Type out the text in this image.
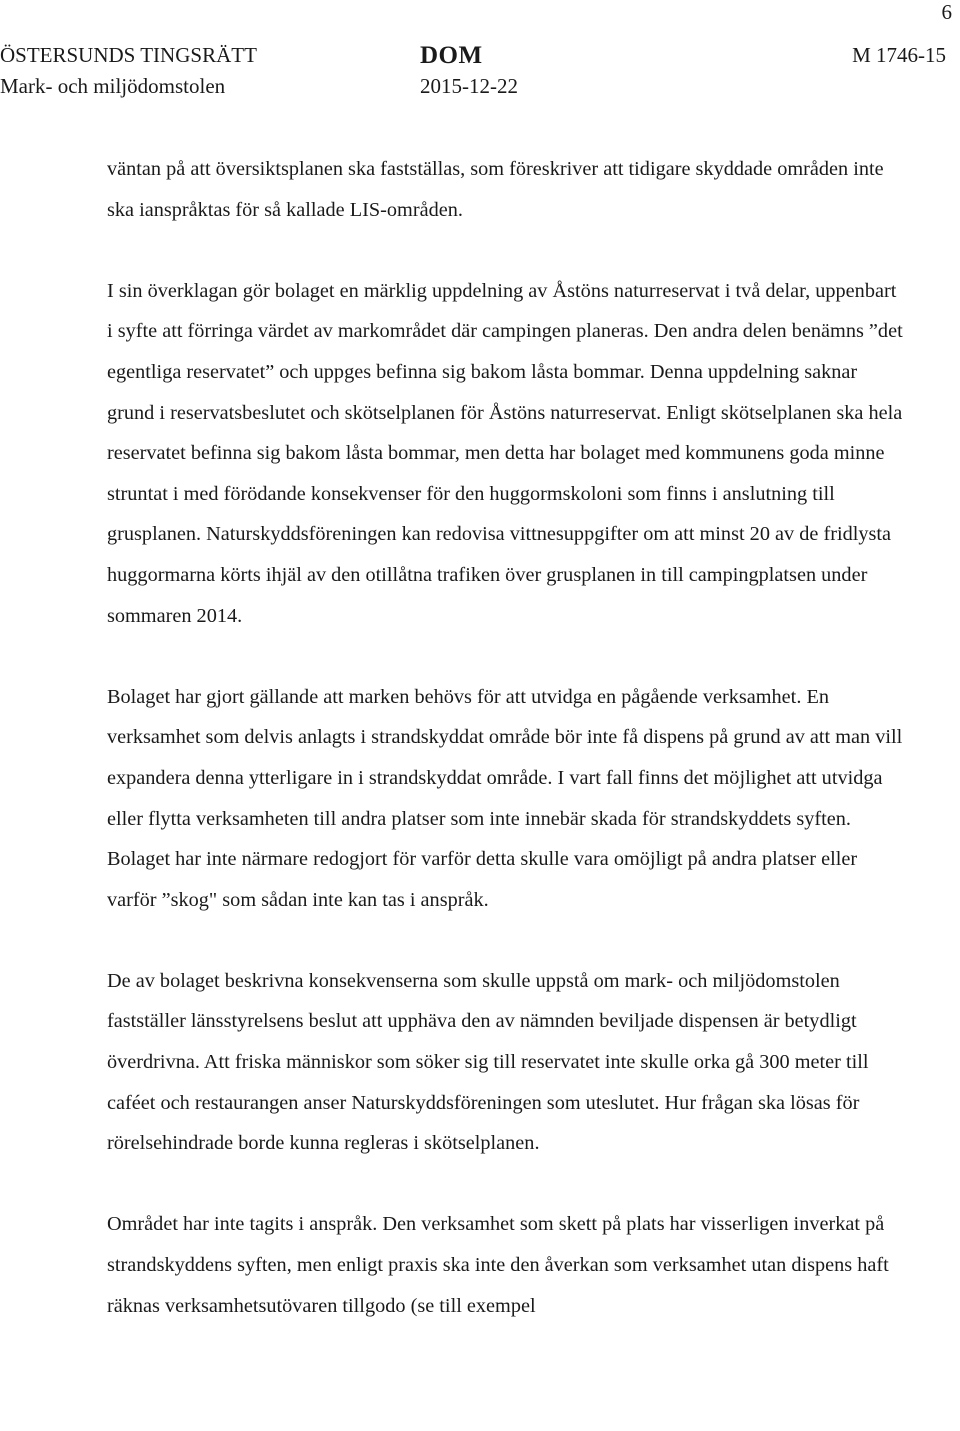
6
ÖSTERSUNDS TINGSRÄTT
Mark- och miljödomstolen
DOM
2015-12-22
M 1746-15

väntan på att översiktsplanen ska fastställas, som föreskriver att tidigare skyddade områden inte ska ianspråktas för så kallade LIS-områden.

I sin överklagan gör bolaget en märklig uppdelning av Åstöns naturreservat i två delar, uppenbart i syfte att förringa värdet av markområdet där campingen planeras. Den andra delen benämns ”det egentliga reservatet” och uppges befinna sig bakom låsta bommar. Denna uppdelning saknar grund i reservatsbeslutet och skötselplanen för Åstöns naturreservat. Enligt skötselplanen ska hela reservatet befinna sig bakom låsta bommar, men detta har bolaget med kommunens goda minne struntat i med förödande konsekvenser för den huggormskoloni som finns i anslutning till grusplanen. Naturskyddsföreningen kan redovisa vittnesuppgifter om att minst 20 av de fridlysta huggormarna körts ihjäl av den otillåtna trafiken över grusplanen in till campingplatsen under sommaren 2014.

Bolaget har gjort gällande att marken behövs för att utvidga en pågående verksamhet. En verksamhet som delvis anlagts i strandskyddat område bör inte få dispens på grund av att man vill expandera denna ytterligare in i strandskyddat område. I vart fall finns det möjlighet att utvidga eller flytta verksamheten till andra platser som inte innebär skada för strandskyddets syften. Bolaget har inte närmare redogjort för varför detta skulle vara omöjligt på andra platser eller varför ”skog" som sådan inte kan tas i anspråk.

De av bolaget beskrivna konsekvenserna som skulle uppstå om mark- och miljödomstolen fastställer länsstyrelsens beslut att upphäva den av nämnden beviljade dispensen är betydligt överdrivna. Att friska människor som söker sig till reservatet inte skulle orka gå 300 meter till caféet och restaurangen anser Naturskyddsföreningen som uteslutet. Hur frågan ska lösas för rörelsehindrade borde kunna regleras i skötselplanen.

Området har inte tagits i anspråk. Den verksamhet som skett på plats har visserligen inverkat på strandskyddens syften, men enligt praxis ska inte den åverkan som verksamhet utan dispens haft räknas verksamhetsutövaren tillgodo (se till exempel
